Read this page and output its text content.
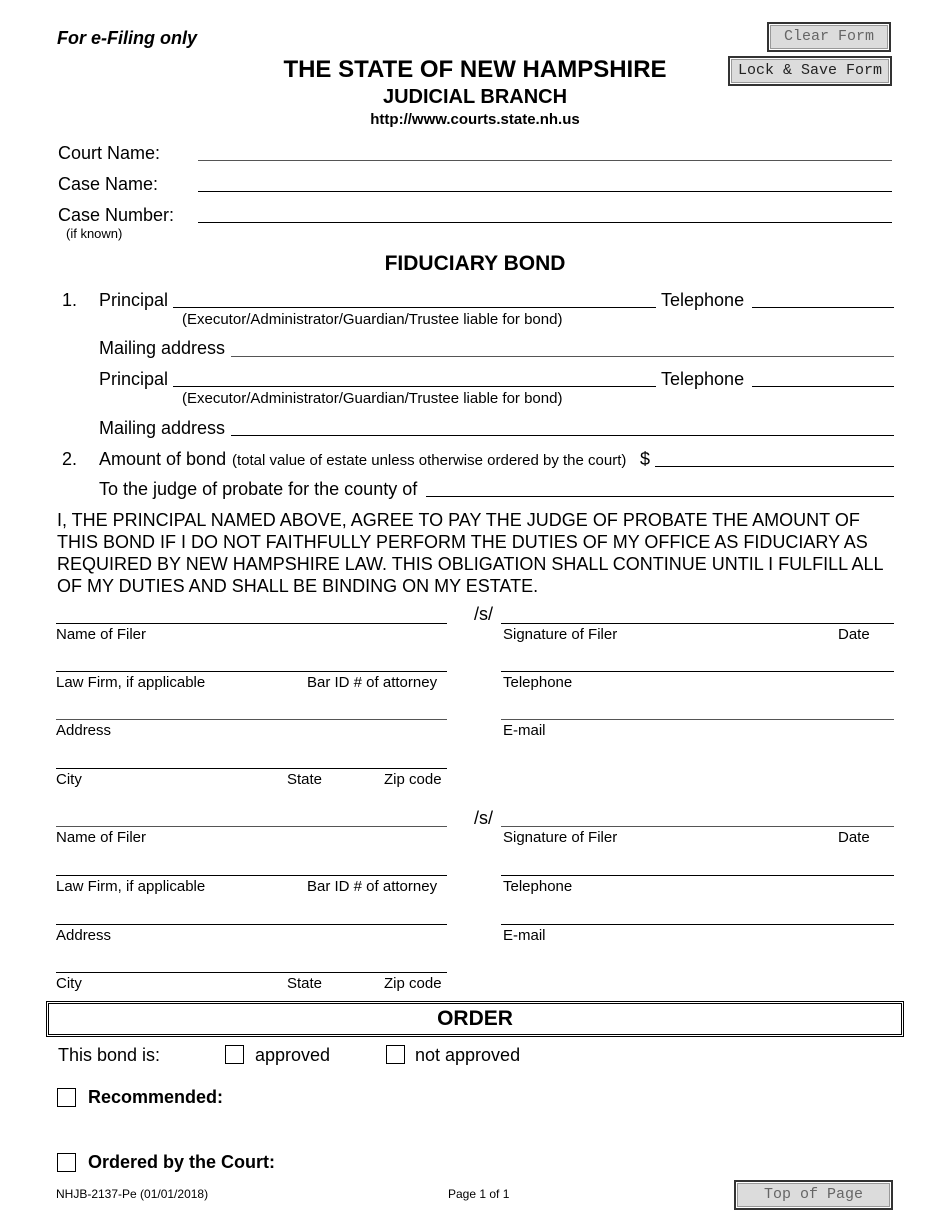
For e-Filing only
THE STATE OF NEW HAMPSHIRE
JUDICIAL BRANCH
http://www.courts.state.nh.us
Clear Form
Lock & Save Form
Court Name:
Case Name:
Case Number:
(if known)
FIDUCIARY BOND
1. Principal	Telephone
(Executor/Administrator/Guardian/Trustee liable for bond)
Mailing address
Principal	Telephone
(Executor/Administrator/Guardian/Trustee liable for bond)
Mailing address
2. Amount of bond (total value of estate unless otherwise ordered by the court) $
To the judge of probate for the county of
I, THE PRINCIPAL NAMED ABOVE, AGREE TO PAY THE JUDGE OF PROBATE THE AMOUNT OF THIS BOND IF I DO NOT FAITHFULLY PERFORM THE DUTIES OF MY OFFICE AS FIDUCIARY AS REQUIRED BY NEW HAMPSHIRE LAW. THIS OBLIGATION SHALL CONTINUE UNTIL I FULFILL ALL OF MY DUTIES AND SHALL BE BINDING ON MY ESTATE.
/s/
Name of Filer	Signature of Filer	Date
Law Firm, if applicable	Bar ID # of attorney	Telephone
Address	E-mail
City	State	Zip code
/s/
Name of Filer	Signature of Filer	Date
Law Firm, if applicable	Bar ID # of attorney	Telephone
Address	E-mail
City	State	Zip code
ORDER
This bond is:	approved	not approved
Recommended:
Ordered by the Court:
NHJB-2137-Pe (01/01/2018)	Page 1 of 1	Top of Page
